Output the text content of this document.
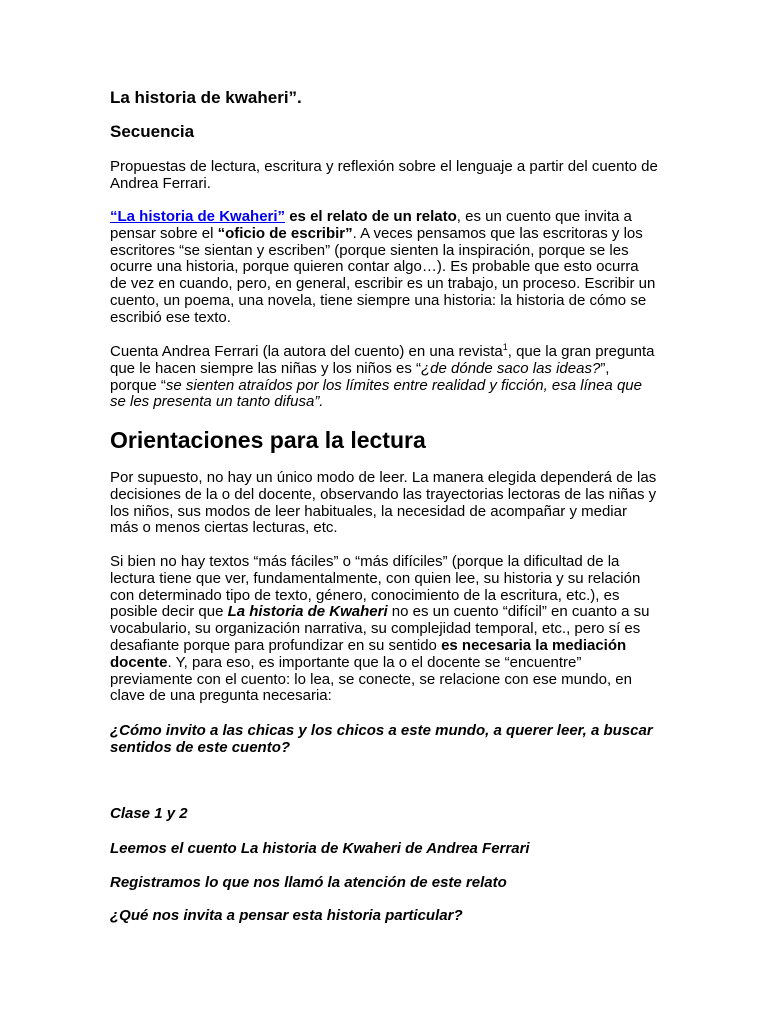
La historia de kwaheri”.
Secuencia

Propuestas de lectura, escritura y reflexión sobre el lenguaje a partir del cuento de Andrea Ferrari.

“La historia de Kwaheri” es el relato de un relato, es un cuento que invita a pensar sobre el “oficio de escribir”. A veces pensamos que las escritoras y los escritores “se sientan y escriben” (porque sienten la inspiración, porque se les ocurre una historia, porque quieren contar algo…). Es probable que esto ocurra de vez en cuando, pero, en general, escribir es un trabajo, un proceso. Escribir un cuento, un poema, una novela, tiene siempre una historia: la historia de cómo se escribió ese texto.

Cuenta Andrea Ferrari (la autora del cuento) en una revista$^1$, que la gran pregunta que le hacen siempre las niñas y los niños es “¿de dónde saco las ideas?”, porque “se sienten atraídos por los límites entre realidad y ficción, esa línea que se les presenta un tanto difusa”.

Orientaciones para la lectura

Por supuesto, no hay un único modo de leer. La manera elegida dependerá de las decisiones de la o del docente, observando las trayectorias lectoras de las niñas y los niños, sus modos de leer habituales, la necesidad de acompañar y mediar más o menos ciertas lecturas, etc.

Si bien no hay textos “más fáciles” o “más difíciles” (porque la dificultad de la lectura tiene que ver, fundamentalmente, con quien lee, su historia y su relación con determinado tipo de texto, género, conocimiento de la escritura, etc.), es posible decir que La historia de Kwaheri no es un cuento “difícil” en cuanto a su vocabulario, su organización narrativa, su complejidad temporal, etc., pero sí es desafiante porque para profundizar en su sentido es necesaria la mediación docente. Y, para eso, es importante que la o el docente se “encuentre” previamente con el cuento: lo lea, se conecte, se relacione con ese mundo, en clave de una pregunta necesaria:

¿Cómo invito a las chicas y los chicos a este mundo, a querer leer, a buscar sentidos de este cuento?

Clase 1 y 2

Leemos el cuento La historia de Kwaheri de Andrea Ferrari

Registramos lo que nos llamó la atención de este relato

¿Qué nos invita a pensar esta historia particular?
